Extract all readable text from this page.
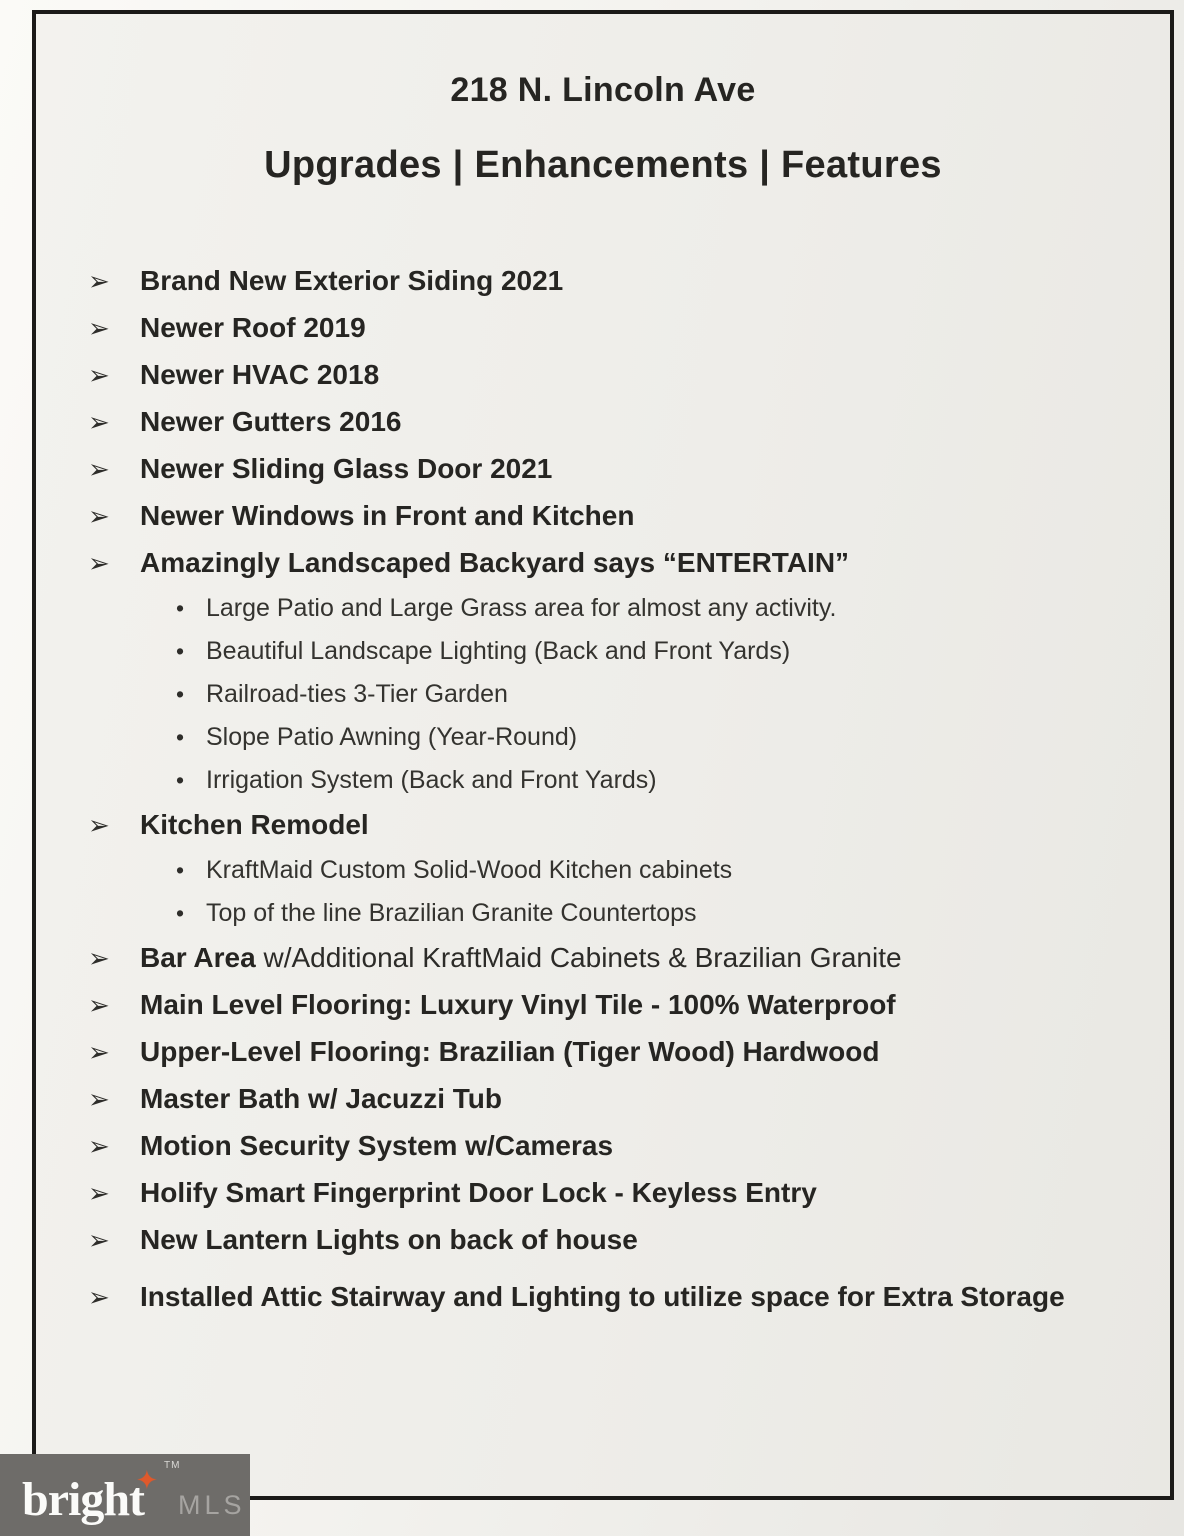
218 N. Lincoln Ave
Upgrades | Enhancements | Features
➢	Brand New Exterior Siding 2021
➢	Newer Roof 2019
➢	Newer HVAC 2018
➢	Newer Gutters 2016
➢	Newer Sliding Glass Door 2021
➢	Newer Windows in Front and Kitchen
➢	Amazingly Landscaped Backyard says “ENTERTAIN”
• Large Patio and Large Grass area for almost any activity.
• Beautiful Landscape Lighting (Back and Front Yards)
• Railroad-ties 3-Tier Garden
• Slope Patio Awning (Year-Round)
• Irrigation System (Back and Front Yards)
➢	Kitchen Remodel
• KraftMaid Custom Solid-Wood Kitchen cabinets
• Top of the line Brazilian Granite Countertops
➢	Bar Area w/Additional KraftMaid Cabinets & Brazilian Granite
➢	Main Level Flooring: Luxury Vinyl Tile - 100% Waterproof
➢	Upper-Level Flooring: Brazilian (Tiger Wood) Hardwood
➢	Master Bath w/ Jacuzzi Tub
➢	Motion Security System w/Cameras
➢	Holify Smart Fingerprint Door Lock - Keyless Entry
➢	New Lantern Lights on back of house
➢	Installed Attic Stairway and Lighting to utilize space for Extra Storage
bright
✦ TM
MLS
